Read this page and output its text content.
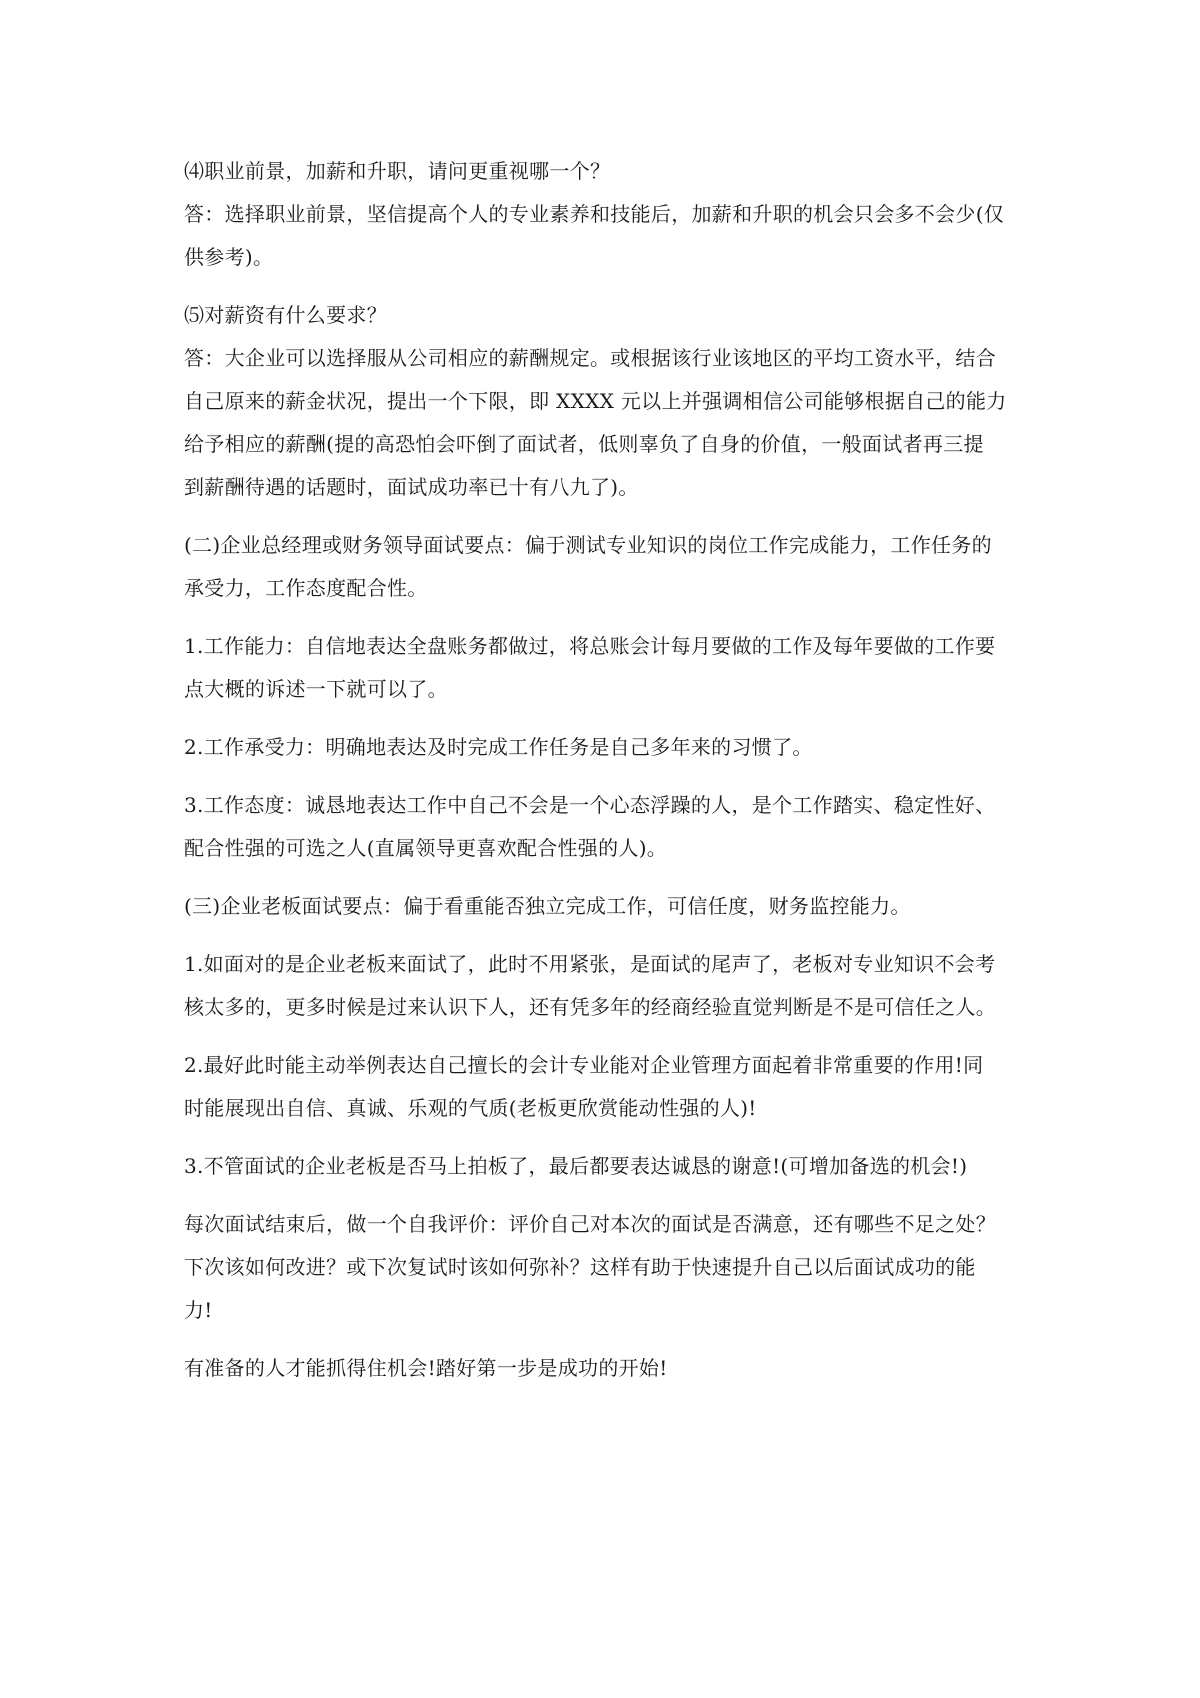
⑷职业前景，加薪和升职，请问更重视哪一个？
答：选择职业前景，坚信提高个人的专业素养和技能后，加薪和升职的机会只会多不会少(仅
供参考)。

⑸对薪资有什么要求？
答：大企业可以选择服从公司相应的薪酬规定。或根据该行业该地区的平均工资水平，结合
自己原来的薪金状况，提出一个下限，即 XXXX 元以上并强调相信公司能够根据自己的能力
给予相应的薪酬(提的高恐怕会吓倒了面试者，低则辜负了自身的价值，一般面试者再三提
到薪酬待遇的话题时，面试成功率已十有八九了)。

(二)企业总经理或财务领导面试要点：偏于测试专业知识的岗位工作完成能力，工作任务的
承受力，工作态度配合性。

1.工作能力：自信地表达全盘账务都做过，将总账会计每月要做的工作及每年要做的工作要
点大概的诉述一下就可以了。

2.工作承受力：明确地表达及时完成工作任务是自己多年来的习惯了。

3.工作态度：诚恳地表达工作中自己不会是一个心态浮躁的人，是个工作踏实、稳定性好、
配合性强的可选之人(直属领导更喜欢配合性强的人)。

(三)企业老板面试要点：偏于看重能否独立完成工作，可信任度，财务监控能力。

1.如面对的是企业老板来面试了，此时不用紧张，是面试的尾声了，老板对专业知识不会考
核太多的，更多时候是过来认识下人，还有凭多年的经商经验直觉判断是不是可信任之人。

2.最好此时能主动举例表达自己擅长的会计专业能对企业管理方面起着非常重要的作用!同
时能展现出自信、真诚、乐观的气质(老板更欣赏能动性强的人)!

3.不管面试的企业老板是否马上拍板了，最后都要表达诚恳的谢意!(可增加备选的机会!)

每次面试结束后，做一个自我评价：评价自己对本次的面试是否满意，还有哪些不足之处？
下次该如何改进？或下次复试时该如何弥补？这样有助于快速提升自己以后面试成功的能
力!

有准备的人才能抓得住机会!踏好第一步是成功的开始!
